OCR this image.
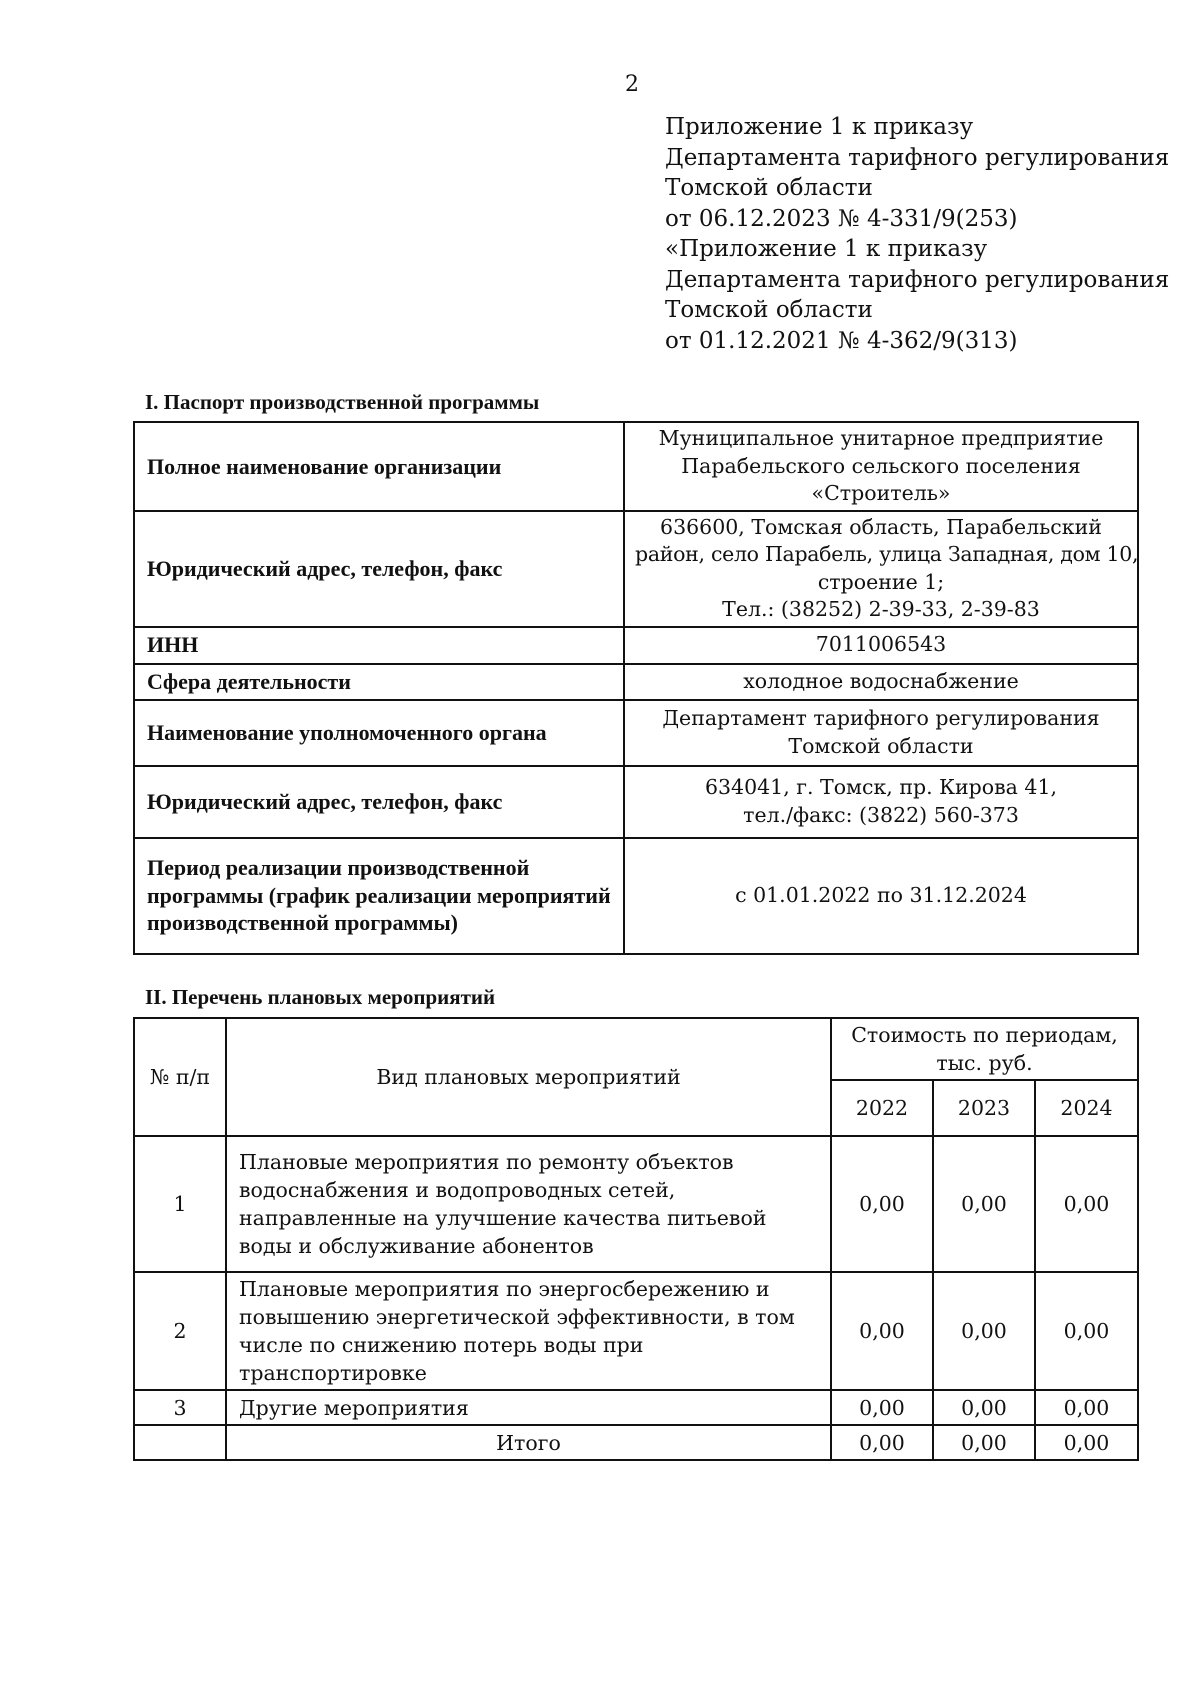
2
Приложение 1 к приказу
Департамента тарифного регулирования
Томской области
от 06.12.2023 № 4-331/9(253)
«Приложение 1 к приказу
Департамента тарифного регулирования
Томской области
от 01.12.2021 № 4-362/9(313)
I. Паспорт производственной программы
Полное наименование организации	Муниципальное унитарное предприятие
Парабельского сельского поселения
«Строитель»

Юридический адрес, телефон, факс	636600, Томская область, Парабельский
район, село Парабель, улица Западная, дом 10,
строение 1;
Тел.: (38252) 2-39-33, 2-39-83

ИНН	7011006543

Сфера деятельности	холодное водоснабжение

Наименование уполномоченного органа	Департамент тарифного регулирования
Томской области

Юридический адрес, телефон, факс	634041, г. Томск, пр. Кирова 41,
тел./факс: (3822) 560-373

Период реализации производственной программы (график реализации мероприятий производственной программы)	с 01.01.2022 по 31.12.2024
II. Перечень плановых мероприятий
№ п/п	Вид плановых мероприятий	Стоимость по периодам, тыс. руб.		
		2022	2023	2024
1	Плановые мероприятия по ремонту объектов водоснабжения и водопроводных сетей, направленные на улучшение качества питьевой воды и обслуживание абонентов	0,00	0,00	0,00
2	Плановые мероприятия по энергосбережению и повышению энергетической эффективности, в том числе по снижению потерь воды при транспортировке	0,00	0,00	0,00
3	Другие мероприятия	0,00	0,00	0,00
	Итого	0,00	0,00	0,00
